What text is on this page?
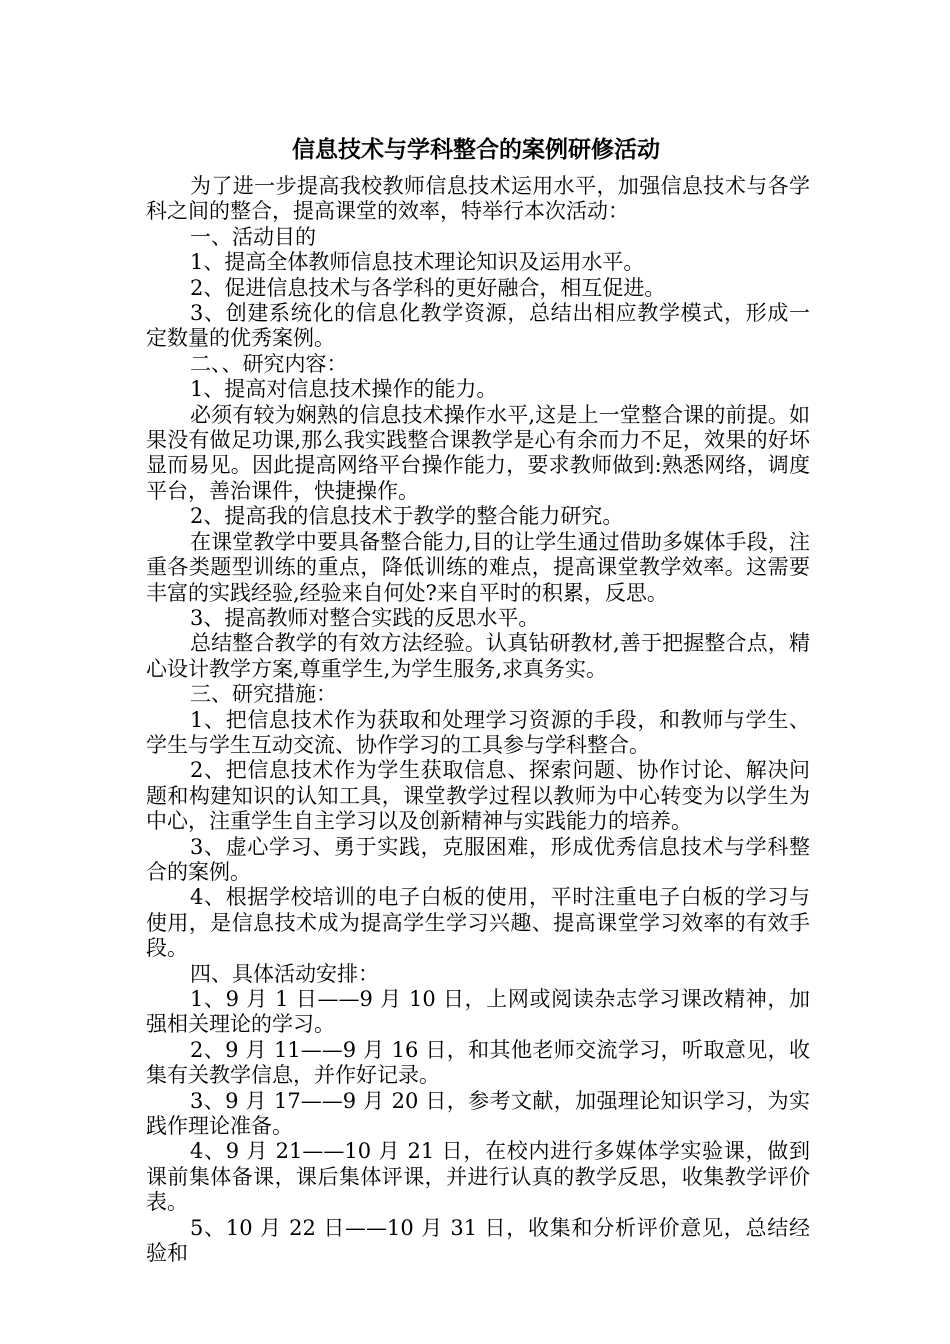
信息技术与学科整合的案例研修活动

为了进一步提高我校教师信息技术运用水平，加强信息技术与各学科之间的整合，提高课堂的效率，特举行本次活动：

一、活动目的

1、提高全体教师信息技术理论知识及运用水平。

2、促进信息技术与各学科的更好融合，相互促进。

3、创建系统化的信息化教学资源，总结出相应教学模式，形成一定数量的优秀案例。

二、、研究内容：

1、提高对信息技术操作的能力。

必须有较为娴熟的信息技术操作水平,这是上一堂整合课的前提。如果没有做足功课,那么我实践整合课教学是心有余而力不足，效果的好坏显而易见。因此提高网络平台操作能力，要求教师做到:熟悉网络，调度平台，善治课件，快捷操作。

2、提高我的信息技术于教学的整合能力研究。

在课堂教学中要具备整合能力,目的让学生通过借助多媒体手段，注重各类题型训练的重点，降低训练的难点，提高课堂教学效率。这需要丰富的实践经验,经验来自何处?来自平时的积累，反思。

3、提高教师对整合实践的反思水平。

总结整合教学的有效方法经验。认真钻研教材,善于把握整合点，精心设计教学方案,尊重学生,为学生服务,求真务实。

三、研究措施：

1、把信息技术作为获取和处理学习资源的手段，和教师与学生、学生与学生互动交流、协作学习的工具参与学科整合。

2、把信息技术作为学生获取信息、探索问题、协作讨论、解决问题和构建知识的认知工具，课堂教学过程以教师为中心转变为以学生为中心，注重学生自主学习以及创新精神与实践能力的培养。

3、虚心学习、勇于实践，克服困难，形成优秀信息技术与学科整合的案例。

4、根据学校培训的电子白板的使用，平时注重电子白板的学习与使用，是信息技术成为提高学生学习兴趣、提高课堂学习效率的有效手段。

四、具体活动安排：

1、9 月 1 日——9 月 10 日，上网或阅读杂志学习课改精神，加强相关理论的学习。

2、9 月 11——9 月 16 日，和其他老师交流学习，听取意见，收集有关教学信息，并作好记录。

3、9 月 17——9 月 20 日，参考文献，加强理论知识学习，为实践作理论准备。

4、9 月 21——10 月 21 日，在校内进行多媒体学实验课，做到课前集体备课，课后集体评课，并进行认真的教学反思，收集教学评价表。

5、10 月 22 日——10 月 31 日，收集和分析评价意见，总结经验和
